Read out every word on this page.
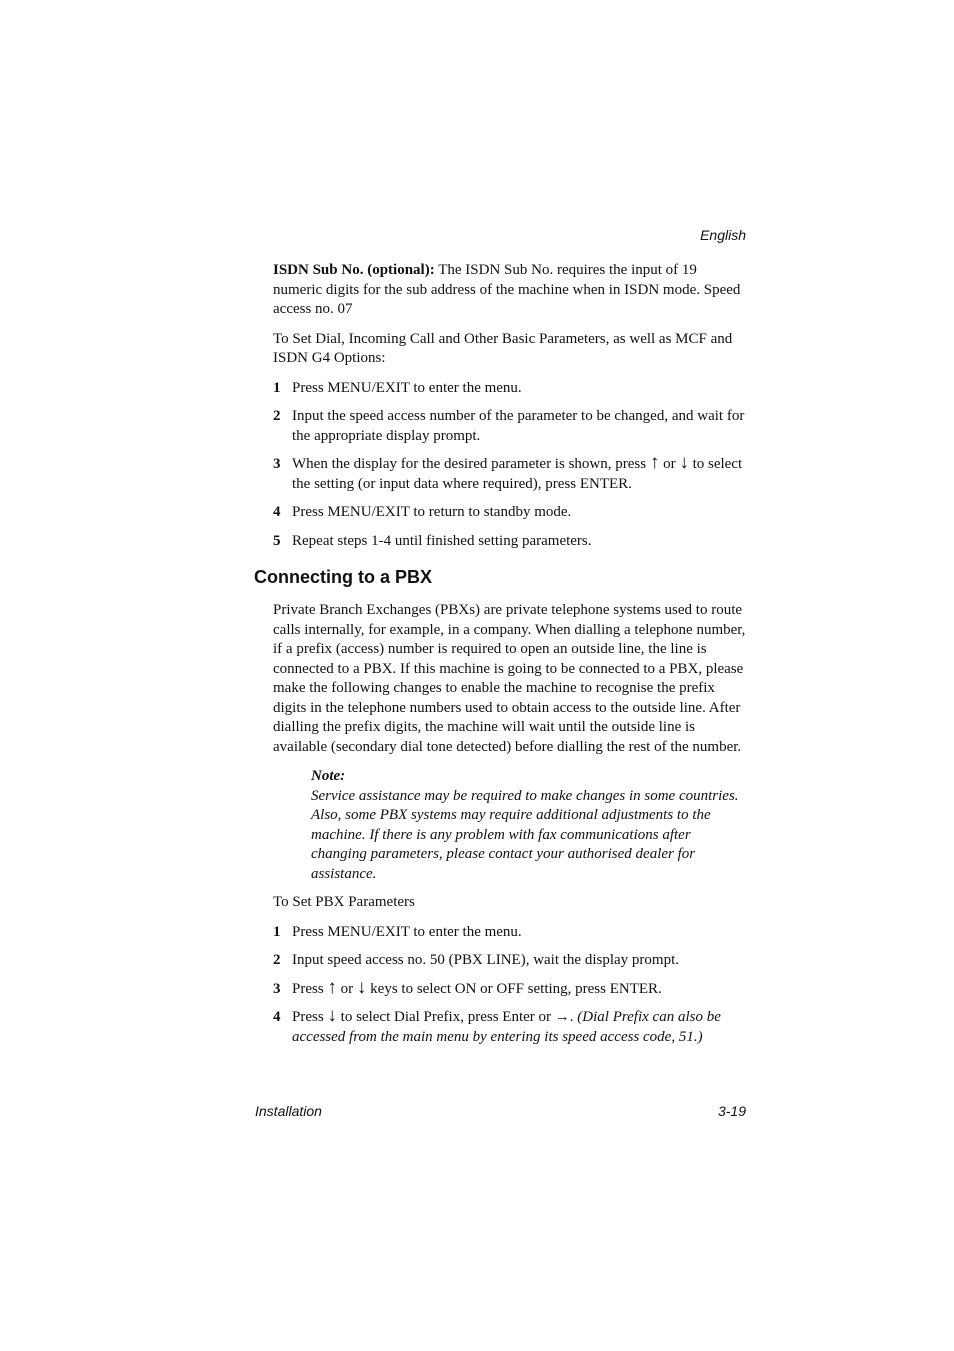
English

ISDN Sub No. (optional): The ISDN Sub No. requires the input of 19 numeric digits for the sub address of the machine when in ISDN mode. Speed access no. 07

To Set Dial, Incoming Call and Other Basic Parameters, as well as MCF and ISDN G4 Options:

1 Press MENU/EXIT to enter the menu.
2 Input the speed access number of the parameter to be changed, and wait for the appropriate display prompt.
3 When the display for the desired parameter is shown, press ↑ or ↓ to select the setting (or input data where required), press ENTER.
4 Press MENU/EXIT to return to standby mode.
5 Repeat steps 1-4 until finished setting parameters.
Connecting to a PBX

Private Branch Exchanges (PBXs) are private telephone systems used to route calls internally, for example, in a company. When dialling a telephone number, if a prefix (access) number is required to open an outside line, the line is connected to a PBX. If this machine is going to be connected to a PBX, please make the following changes to enable the machine to recognise the prefix digits in the telephone numbers used to obtain access to the outside line. After dialling the prefix digits, the machine will wait until the outside line is available (secondary dial tone detected) before dialling the rest of the number.

Note:
Service assistance may be required to make changes in some countries. Also, some PBX systems may require additional adjustments to the machine. If there is any problem with fax communications after changing parameters, please contact your authorised dealer for assistance.

To Set PBX Parameters

1 Press MENU/EXIT to enter the menu.
2 Input speed access no. 50 (PBX LINE), wait the display prompt.
3 Press ↑ or ↓ keys to select ON or OFF setting, press ENTER.
4 Press ↓ to select Dial Prefix, press Enter or →. (Dial Prefix can also be accessed from the main menu by entering its speed access code, 51.)
Installation	3-19
